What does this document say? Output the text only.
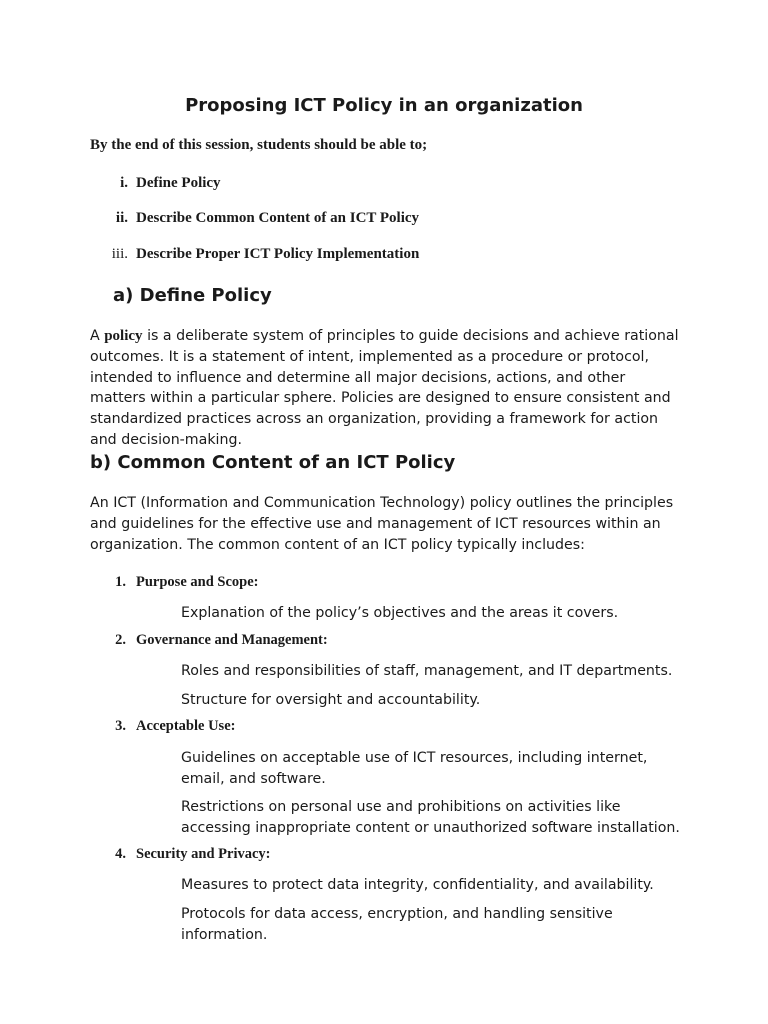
Proposing ICT Policy in an organization
By the end of this session, students should be able to;
i. Define Policy
ii. Describe Common Content of an ICT Policy
iii. Describe Proper ICT Policy Implementation
a) Define Policy
A policy is a deliberate system of principles to guide decisions and achieve rational outcomes. It is a statement of intent, implemented as a procedure or protocol, intended to influence and determine all major decisions, actions, and other matters within a particular sphere. Policies are designed to ensure consistent and standardized practices across an organization, providing a framework for action and decision-making.
b) Common Content of an ICT Policy
An ICT (Information and Communication Technology) policy outlines the principles and guidelines for the effective use and management of ICT resources within an organization. The common content of an ICT policy typically includes:
1. Purpose and Scope:
Explanation of the policy’s objectives and the areas it covers.
2. Governance and Management:
Roles and responsibilities of staff, management, and IT departments.
Structure for oversight and accountability.
3. Acceptable Use:
Guidelines on acceptable use of ICT resources, including internet, email, and software.
Restrictions on personal use and prohibitions on activities like accessing inappropriate content or unauthorized software installation.
4. Security and Privacy:
Measures to protect data integrity, confidentiality, and availability.
Protocols for data access, encryption, and handling sensitive information.
